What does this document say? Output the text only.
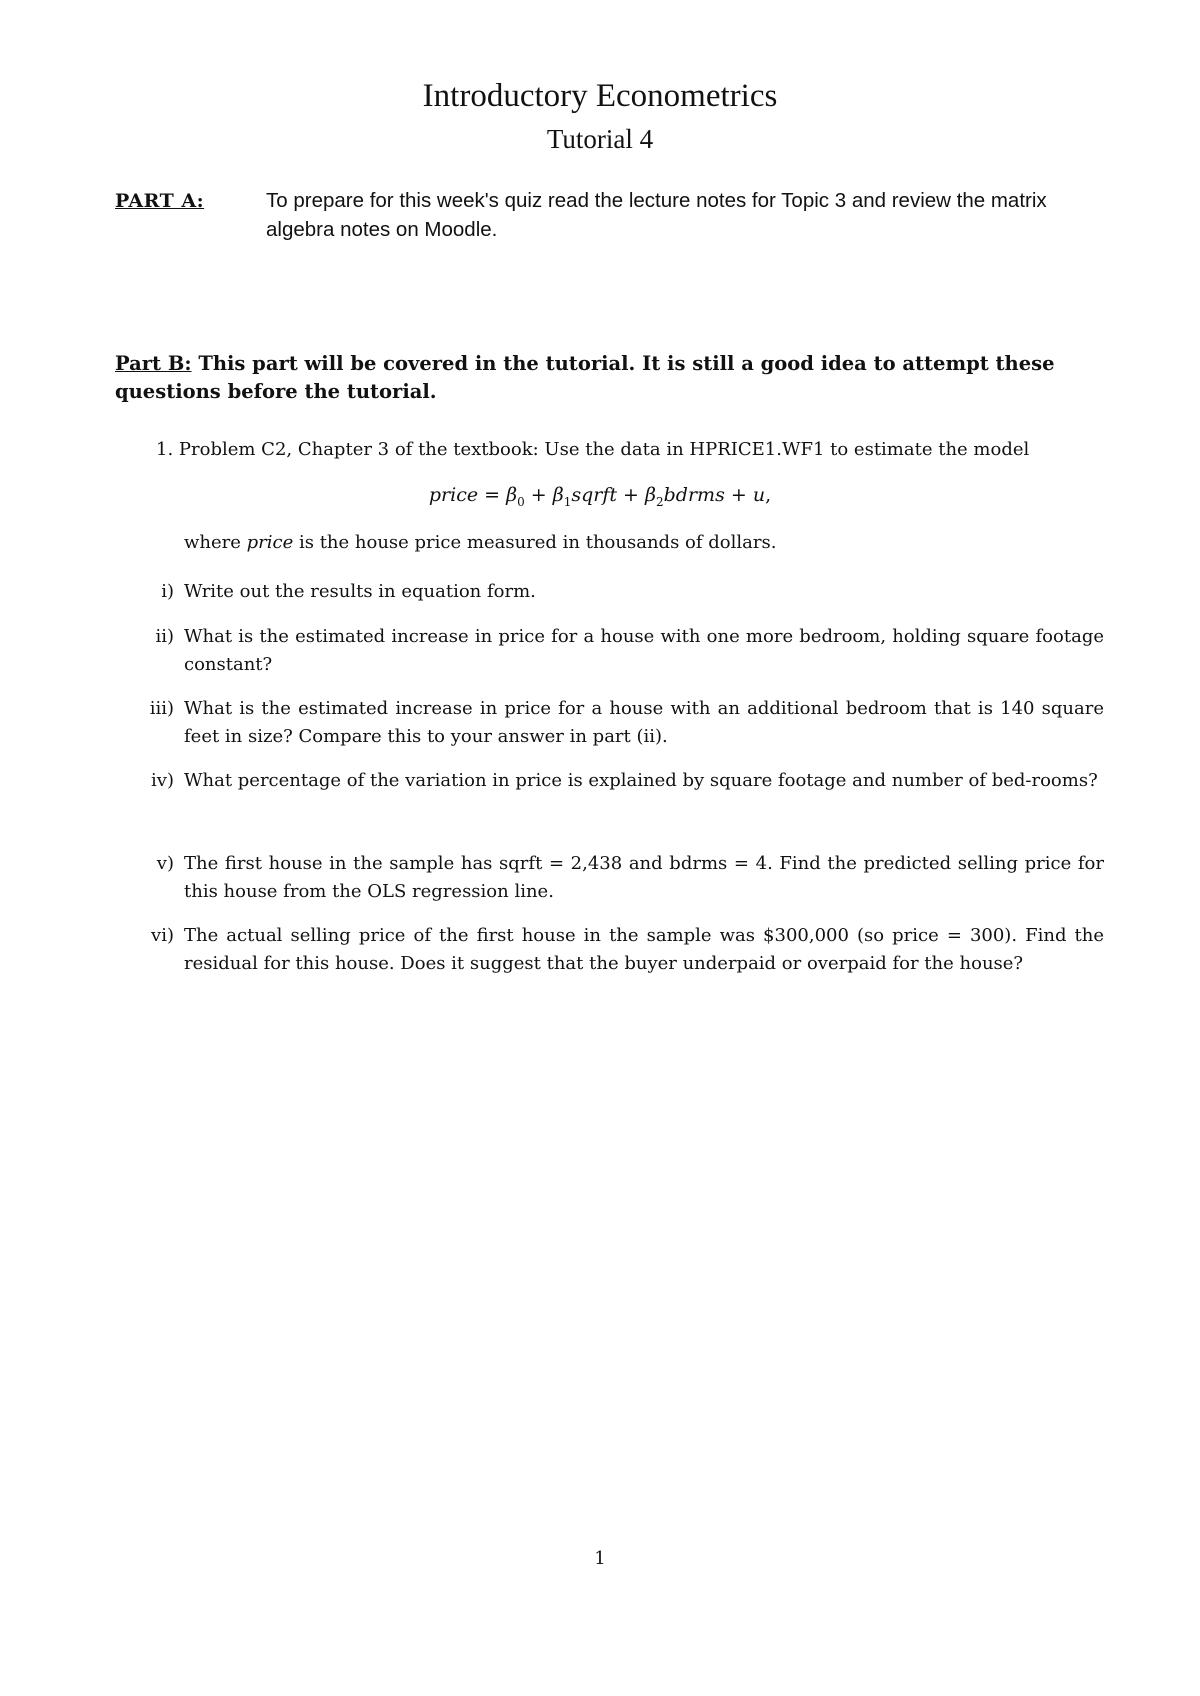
Introductory Econometrics
Tutorial 4
PART A:	To prepare for this week's quiz read the lecture notes for Topic 3 and review the matrix algebra notes on Moodle.
Part B: This part will be covered in the tutorial. It is still a good idea to attempt these questions before the tutorial.
1. Problem C2, Chapter 3 of the textbook: Use the data in HPRICE1.WF1 to estimate the model
price = $\beta_0$ + $\beta_1sqrft$ + $\beta_2bdrms + u$,
where price is the house price measured in thousands of dollars.
i) Write out the results in equation form.
ii) What is the estimated increase in price for a house with one more bedroom, holding square footage constant?
iii) What is the estimated increase in price for a house with an additional bedroom that is 140 square feet in size? Compare this to your answer in part (ii).
iv) What percentage of the variation in price is explained by square footage and number of bed-rooms?
v) The first house in the sample has sqrft = 2,438 and bdrms = 4. Find the predicted selling price for this house from the OLS regression line.
vi) The actual selling price of the first house in the sample was $300,000 (so price = 300). Find the residual for this house. Does it suggest that the buyer underpaid or overpaid for the house?
1
